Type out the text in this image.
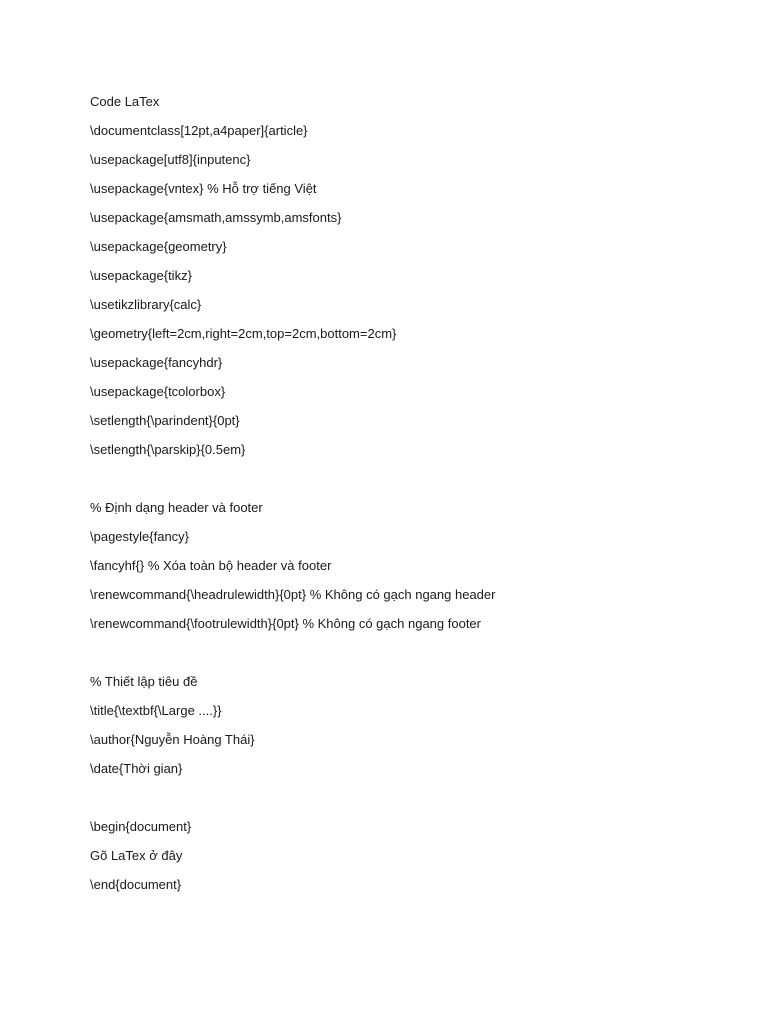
Code LaTex
\documentclass[12pt,a4paper]{article}
\usepackage[utf8]{inputenc}
\usepackage{vntex} % Hỗ trợ tiếng Việt
\usepackage{amsmath,amssymb,amsfonts}
\usepackage{geometry}
\usepackage{tikz}
\usetikzlibrary{calc}
\geometry{left=2cm,right=2cm,top=2cm,bottom=2cm}
\usepackage{fancyhdr}
\usepackage{tcolorbox}
\setlength{\parindent}{0pt}
\setlength{\parskip}{0.5em}
% Định dạng header và footer
\pagestyle{fancy}
\fancyhf{} % Xóa toàn bộ header và footer
\renewcommand{\headrulewidth}{0pt} % Không có gạch ngang header
\renewcommand{\footrulewidth}{0pt} % Không có gạch ngang footer
% Thiết lập tiêu đề
\title{\textbf{\Large ....}}
\author{Nguyễn Hoàng Thái}
\date{Thời gian}
\begin{document}
Gõ LaTex ở đây
\end{document}
